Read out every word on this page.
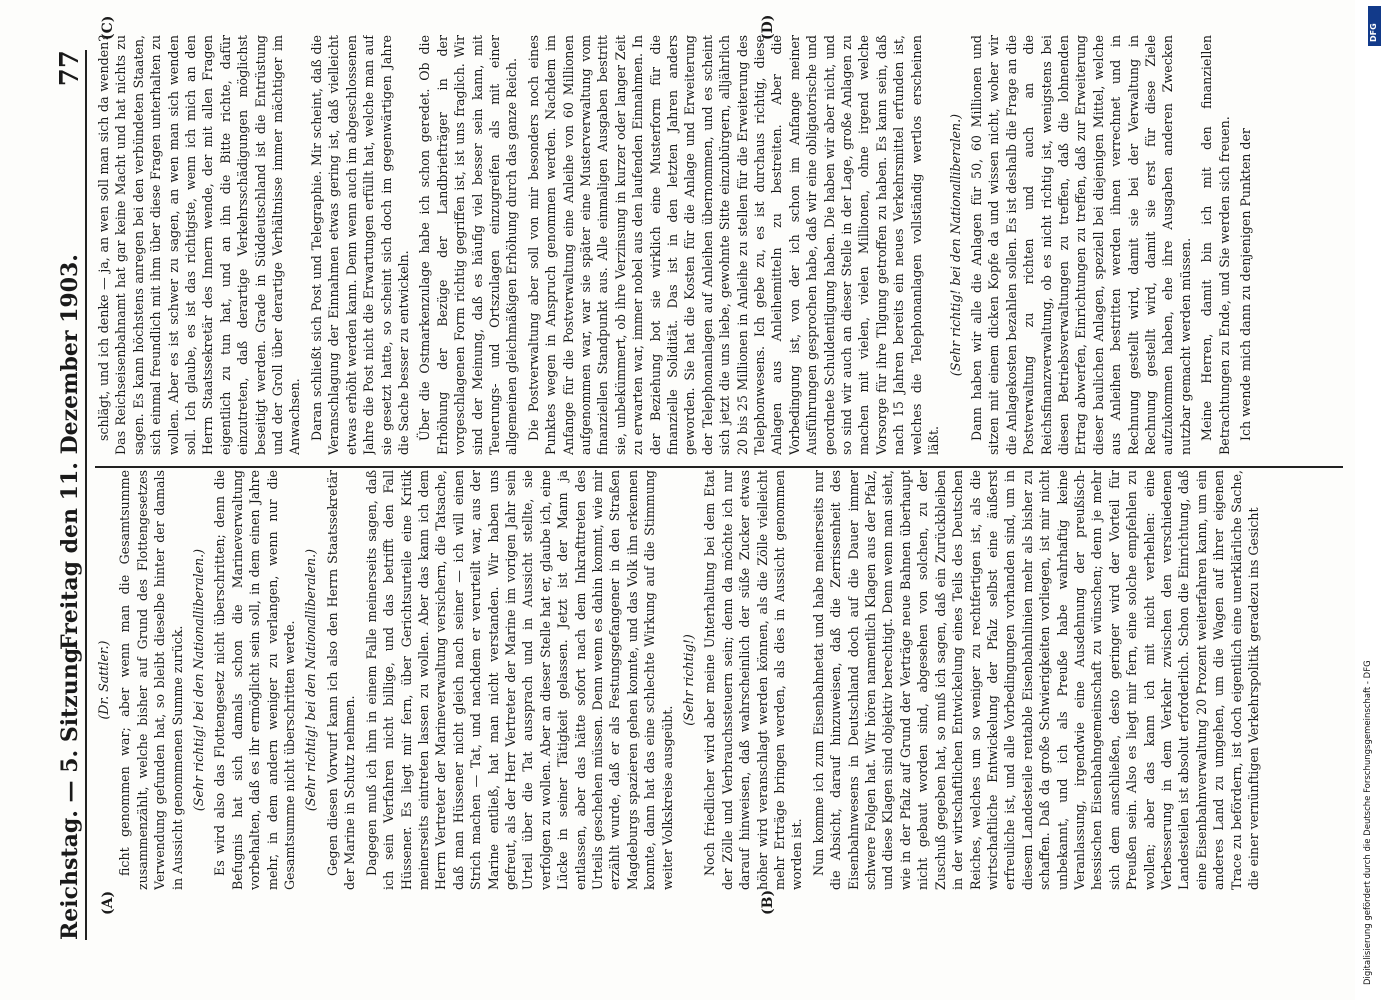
Reichstag. — 5. Sitzung.
Freitag den 11. Dezember 1903.
77
(A)	(B)
(C)	(D)

(Dr. Sattler.) ficht genommen war; aber wenn man die Gesamtsumme zusammenzählt, welche bisher auf Grund des Flottengesetzes Verwendung gefunden hat, so bleibt dieselbe hinter der damals in Aussicht genommenen Summe zurück. (Sehr richtig! bei den Nationalliberalen.) Es wird also das Flottengesetz nicht überschritten; denn die Befugnis hat sich damals schon die Marineverwaltung vorbehalten, daß es ihr ermöglicht sein soll, in dem einen Jahre mehr, in dem andern weniger zu verlangen, wenn nur die Gesamtsumme nicht überschritten werde. (Sehr richtig! bei den Nationalliberalen.) Gegen diesen Vorwurf kann ich also den Herrn Staatssekretär der Marine in Schutz nehmen. Dagegen muß ich ihm in einem Falle meinerseits sagen, daß ich sein Verfahren nicht billige, und das betrifft den Fall Hüssener. Es liegt mir fern, über Gerichtsurteile eine Kritik meinerseits eintreten lassen zu wollen. Aber das kann ich dem Herrn Vertreter der Marineverwaltung versichern, die Tatsache, daß man Hüssener nicht gleich nach seiner — ich will einen Strich machen — Tat, und nachdem er verurteilt war, aus der Marine entließ, hat man nicht verstanden. Wir haben uns gefreut, als der Herr Vertreter der Marine im vorigen Jahr sein Urteil über die Tat aussprach und in Aussicht stellte, sie verfolgen zu wollen. Aber an dieser Stelle hat er, glaube ich, eine Lücke in seiner Tätigkeit gelassen. Jetzt ist der Mann ja entlassen, aber das hätte sofort nach dem Inkrafttreten des Urteils geschehen müssen. Denn wenn es dahin kommt, wie mir erzählt wurde, daß er als Festungsgefangener in den Straßen Magdeburgs spazieren gehen konnte, und das Volk ihn erkennen konnte, dann hat das eine schlechte Wirkung auf die Stimmung weiter Volkskreise ausgeübt.

(Sehr richtig!) Noch friedlicher wird aber meine Unterhaltung bei dem Etat der Zölle und Verbrauchssteuern sein; denn da möchte ich nur darauf hinweisen, daß wahrscheinlich der süße Zucker etwas höher wird veranschlagt werden können, als die Zölle vielleicht mehr Erträge bringen werden, als dies in Aussicht genommen worden ist. Nun komme ich zum Eisenbahnetat und habe meinerseits nur die Absicht, darauf hinzuweisen, daß die Zerrissenheit des Eisenbahnwesens in Deutschland doch auf die Dauer immer schwere Folgen hat. Wir hören namentlich Klagen aus der Pfalz, und diese Klagen sind objektiv berechtigt. Denn wenn man sieht, wie in der Pfalz auf Grund der Verträge neue Bahnen überhaupt nicht gebaut worden sind, abgesehen von solchen, zu der Zuschuß gegeben hat, so muß ich sagen, daß ein Zurückbleiben in der wirtschaftlichen Entwickelung eines Teils des Deutschen Reiches, welches um so weniger zu rechtfertigen ist, als die wirtschaftliche Entwickelung der Pfalz selbst eine äußerst erfreuliche ist, und alle Vorbedingungen vorhanden sind, um in diesem Landesteile rentable Eisenbahnlinien mehr als bisher zu schaffen. Daß da große Schwierigkeiten vorliegen, ist mir nicht unbekannt, und ich als Preuße habe wahrhaftig keine Veranlassung, irgendwie eine Ausdehnung der preußisch-hessischen Eisenbahngemeinschaft zu wünschen; denn je mehr sich dem anschließen, desto geringer wird der Vorteil für Preußen sein. Also es liegt mir fern, eine solche empfehlen zu wollen; aber das kann ich mit nicht verhehlen: eine Verbesserung in dem Verkehr zwischen den verschiedenen Landesteilen ist absolut erforderlich. Schon die Einrichtung, daß eine Eisenbahnverwaltung 20 Prozent weiterfahren kann, um ein anderes Land zu umgehen, um die Wagen auf ihrer eigenen Trace zu befördern, ist doch eigentlich eine unerklärliche Sache, die einer vernünftigen Verkehrspolitik geradezu ins Gesicht

schlägt, und ich denke — ja, an wen soll man sich da wenden? Das Reichseisenbahnamt hat gar keine Macht und hat nichts zu sagen. Es kann höchstens anregen bei den verbündeten Staaten, sich einmal freundlich mit ihm über diese Fragen unterhalten zu wollen. Aber es ist schwer zu sagen, an wen man sich wenden soll. Ich glaube, es ist das richtigste, wenn ich mich an den Herrn Staatssekretär des Innern wende, der mit allen Fragen eigentlich zu tun hat, und an ihn die Bitte richte, dafür einzutreten, daß derartige Verkehrsschädigungen möglichst beseitigt werden. Grade in Süddeutschland ist die Entrüstung und der Groll über derartige Verhältnisse immer mächtiger im Anwachsen. Daran schließt sich Post und Telegraphie. Mir scheint, daß die Veranschlagung der Einnahmen etwas gering ist, daß vielleicht etwas erhöht werden kann. Denn wenn auch im abgeschlossenen Jahre die Post nicht die Erwartungen erfüllt hat, welche man auf sie gesetzt hatte, so scheint sich doch im gegenwärtigen Jahre die Sache besser zu entwickeln. Über die Ostmarkenzulage habe ich schon geredet. Ob die Erhöhung der Bezüge der Landbriefträger in der vorgeschlagenen Form richtig gegriffen ist, ist uns fraglich. Wir sind der Meinung, daß es häufig viel besser sein kann, mit Teuerungs- und Ortszulagen einzugreifen als mit einer allgemeinen gleichmäßigen Erhöhung durch das ganze Reich. Die Postverwaltung aber soll von mir besonders noch eines Punktes wegen in Anspruch genommen werden. Nachdem im Anfange für die Postverwaltung eine Anleihe von 60 Millionen aufgenommen war, war sie später eine Musterverwaltung vom finanziellen Standpunkt aus. Alle einmaligen Ausgaben bestritt sie, unbekümmert, ob ihre Verzinsung in kurzer oder langer Zeit zu erwarten war, immer nobel aus den laufenden Einnahmen. In der Beziehung bot sie wirklich eine Musterform für die finanzielle Solidität. Das ist in den letzten Jahren anders geworden. Sie hat die Kosten für die Anlage und Erweiterung der Telephonanlagen auf Anleihen übernommen, und es scheint sich jetzt die uns liebe, gewohnte Sitte einzubürgern, alljährlich 20 bis 25 Millionen in Anleihe zu stellen für die Erweiterung des Telephonwesens. Ich gebe zu, es ist durchaus richtig, diese Anlagen aus Anleihemitteln zu bestreiten. Aber die Vorbedingung ist, von der ich schon im Anfange meiner Ausführungen gesprochen habe, daß wir eine obligatorische und geordnete Schuldentilgung haben. Die haben wir aber nicht, und so sind wir auch an dieser Stelle in der Lage, große Anlagen zu machen mit vielen, vielen Millionen, ohne irgend welche Vorsorge für ihre Tilgung getroffen zu haben. Es kann sein, daß nach 15 Jahren bereits ein neues Verkehrsmittel erfunden ist, welches die Telephonanlagen vollständig wertlos erscheinen läßt.

(Sehr richtig! bei den Nationalliberalen.) Dann haben wir alle die Anlagen für 50, 60 Millionen und sitzen mit einem dicken Kopfe da und wissen nicht, woher wir die Anlagekosten bezahlen sollen. Es ist deshalb die Frage an die Postverwaltung zu richten und auch an die Reichsfinanzverwaltung, ob es nicht richtig ist, wenigstens bei diesen Betriebsverwaltungen zu treffen, daß die lohnenden Ertrag abwerfen, Einrichtungen zu treffen, daß zur Erweiterung dieser baulichen Anlagen, speziell bei diejenigen Mittel, welche aus Anleihen bestritten werden ihnen verrechnet und in Rechnung gestellt wird, damit sie bei der Verwaltung in Rechnung gestellt wird, damit sie erst für diese Ziele aufzukommen haben, ehe ihre Ausgaben anderen Zwecken nutzbar gemacht werden müssen. Meine Herren, damit bin ich mit den finanziellen Betrachtungen zu Ende, und Sie werden sich freuen. Ich wende mich dann zu denjenigen Punkten der

DFG
Digitalisierung gefördert durch die Deutsche Forschungsgemeinschaft - DFG
